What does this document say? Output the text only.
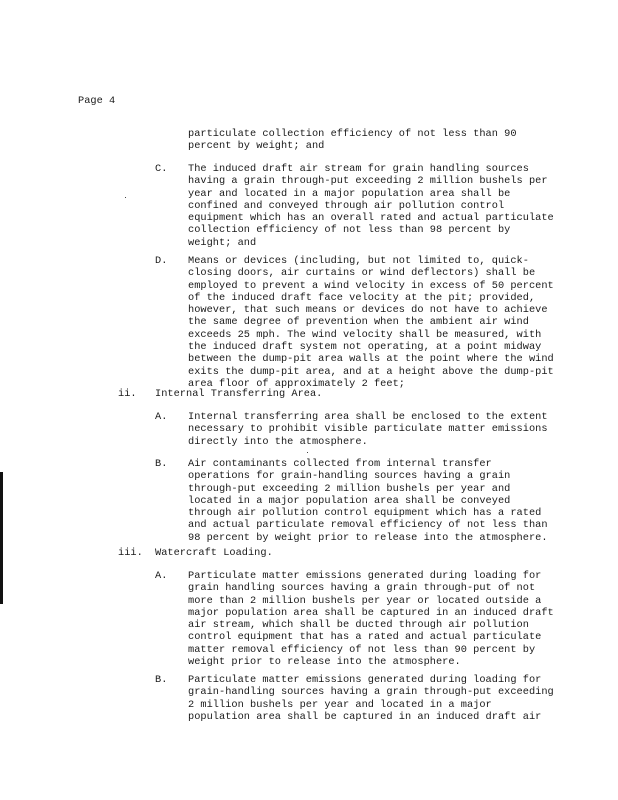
Page 4
particulate collection efficiency of not less than 90
percent by weight; and
C. The induced draft air stream for grain handling sources
having a grain through-put exceeding 2 million bushels per
year and located in a major population area shall be
confined and conveyed through air pollution control
equipment which has an overall rated and actual particulate
collection efficiency of not less than 98 percent by
weight; and
D. Means or devices (including, but not limited to, quick-
closing doors, air curtains or wind deflectors) shall be
employed to prevent a wind velocity in excess of 50 percent
of the induced draft face velocity at the pit; provided,
however, that such means or devices do not have to achieve
the same degree of prevention when the ambient air wind
exceeds 25 mph. The wind velocity shall be measured, with
the induced draft system not operating, at a point midway
between the dump-pit area walls at the point where the wind
exits the dump-pit area, and at a height above the dump-pit
area floor of approximately 2 feet;
ii. Internal Transferring Area.
A. Internal transferring area shall be enclosed to the extent
necessary to prohibit visible particulate matter emissions
directly into the atmosphere.
B. Air contaminants collected from internal transfer
operations for grain-handling sources having a grain
through-put exceeding 2 million bushels per year and
located in a major population area shall be conveyed
through air pollution control equipment which has a rated
and actual particulate removal efficiency of not less than
98 percent by weight prior to release into the atmosphere.
iii. Watercraft Loading.
A. Particulate matter emissions generated during loading for
grain handling sources having a grain through-put of not
more than 2 million bushels per year or located outside a
major population area shall be captured in an induced draft
air stream, which shall be ducted through air pollution
control equipment that has a rated and actual particulate
matter removal efficiency of not less than 90 percent by
weight prior to release into the atmosphere.
B. Particulate matter emissions generated during loading for
grain-handling sources having a grain through-put exceeding
2 million bushels per year and located in a major
population area shall be captured in an induced draft air
